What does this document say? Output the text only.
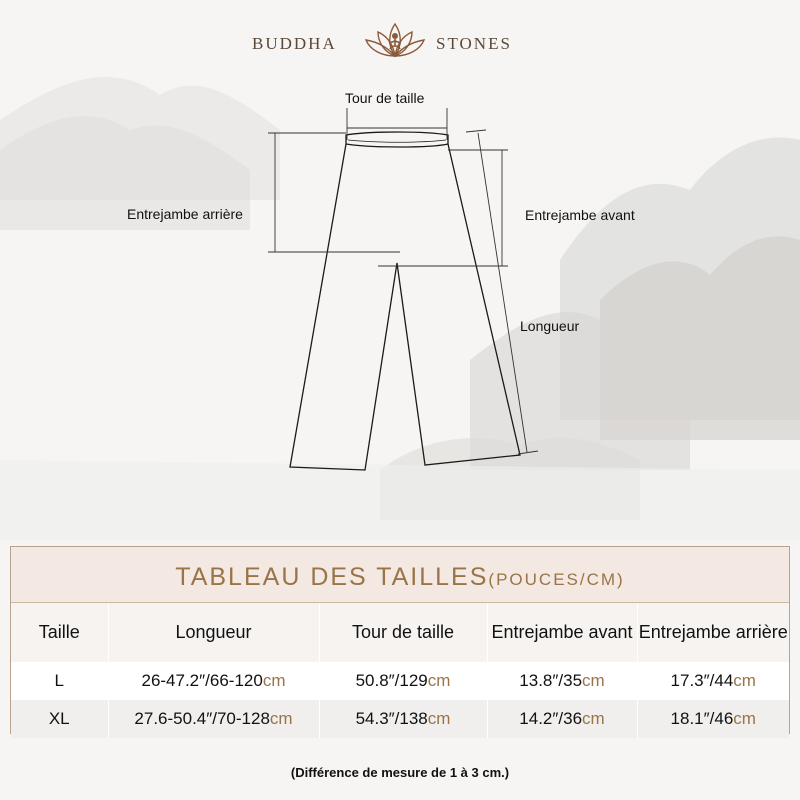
BUDDHA	STONES
Tour de taille
Entrejambe arrière	Entrejambe avant
Longueur
TABLEAU DES TAILLES(POUCES/CM)
Taille	Longueur	Tour de taille	Entrejambe avant	Entrejambe arrière
L	26-47.2″/66-120cm	50.8″/129cm	13.8″/35cm	17.3″/44cm
XL	27.6-50.4″/70-128cm	54.3″/138cm	14.2″/36cm	18.1″/46cm
(Différence de mesure de 1 à 3 cm.)
